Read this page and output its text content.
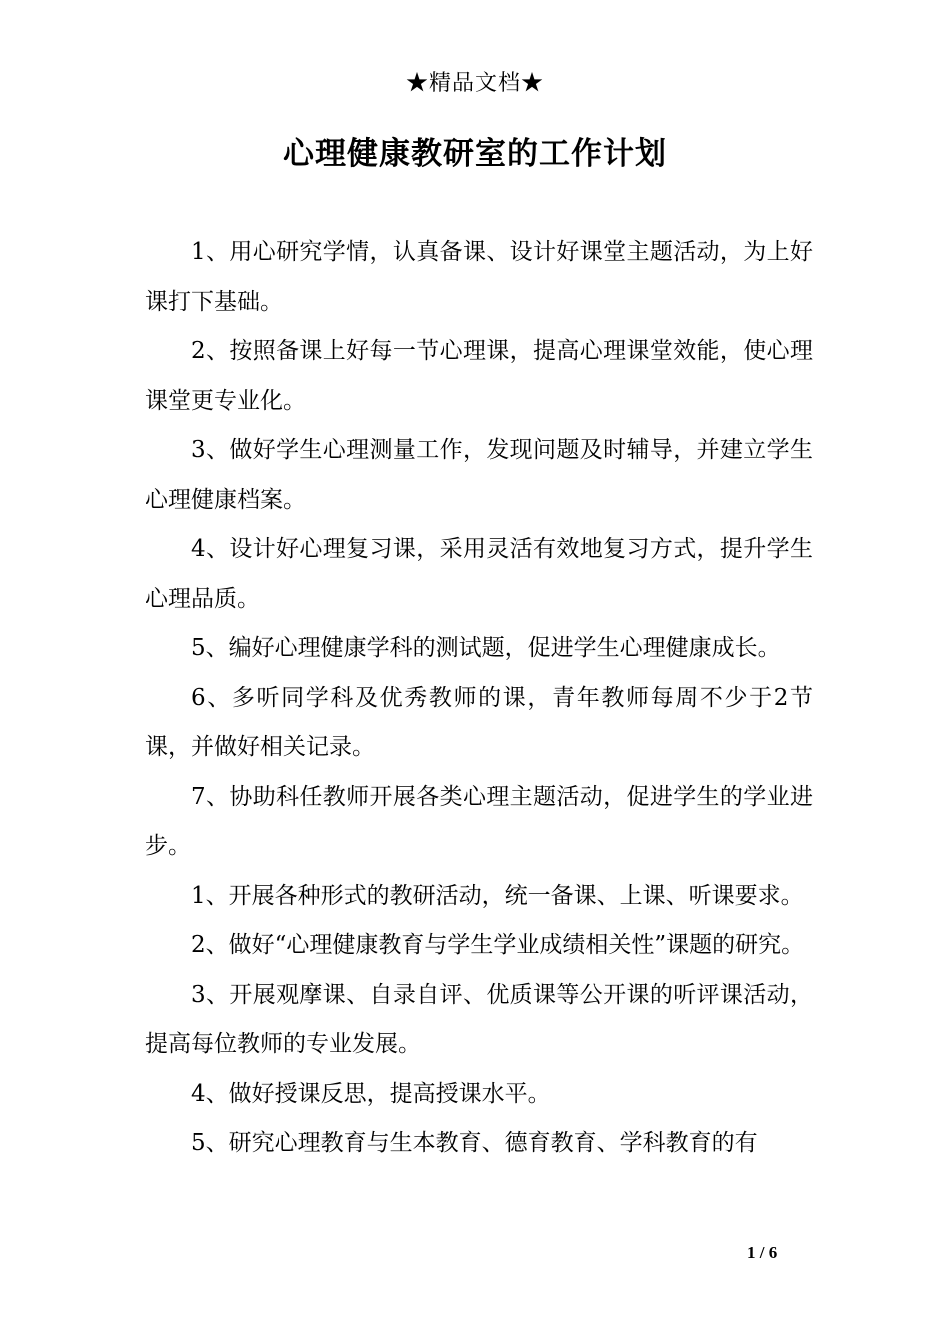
★精品文档★
心理健康教研室的工作计划

1、用心研究学情，认真备课、设计好课堂主题活动，为上好课打下基础。

2、按照备课上好每一节心理课，提高心理课堂效能，使心理课堂更专业化。

3、做好学生心理测量工作，发现问题及时辅导，并建立学生心理健康档案。

4、设计好心理复习课，采用灵活有效地复习方式，提升学生心理品质。

5、编好心理健康学科的测试题，促进学生心理健康成长。

6、多听同学科及优秀教师的课，青年教师每周不少于2节课，并做好相关记录。

7、协助科任教师开展各类心理主题活动，促进学生的学业进步。

1、开展各种形式的教研活动，统一备课、上课、听课要求。

2、做好“心理健康教育与学生学业成绩相关性”课题的研究。

3、开展观摩课、自录自评、优质课等公开课的听评课活动，提高每位教师的专业发展。

4、做好授课反思，提高授课水平。

5、研究心理教育与生本教育、德育教育、学科教育的有

1 / 6
